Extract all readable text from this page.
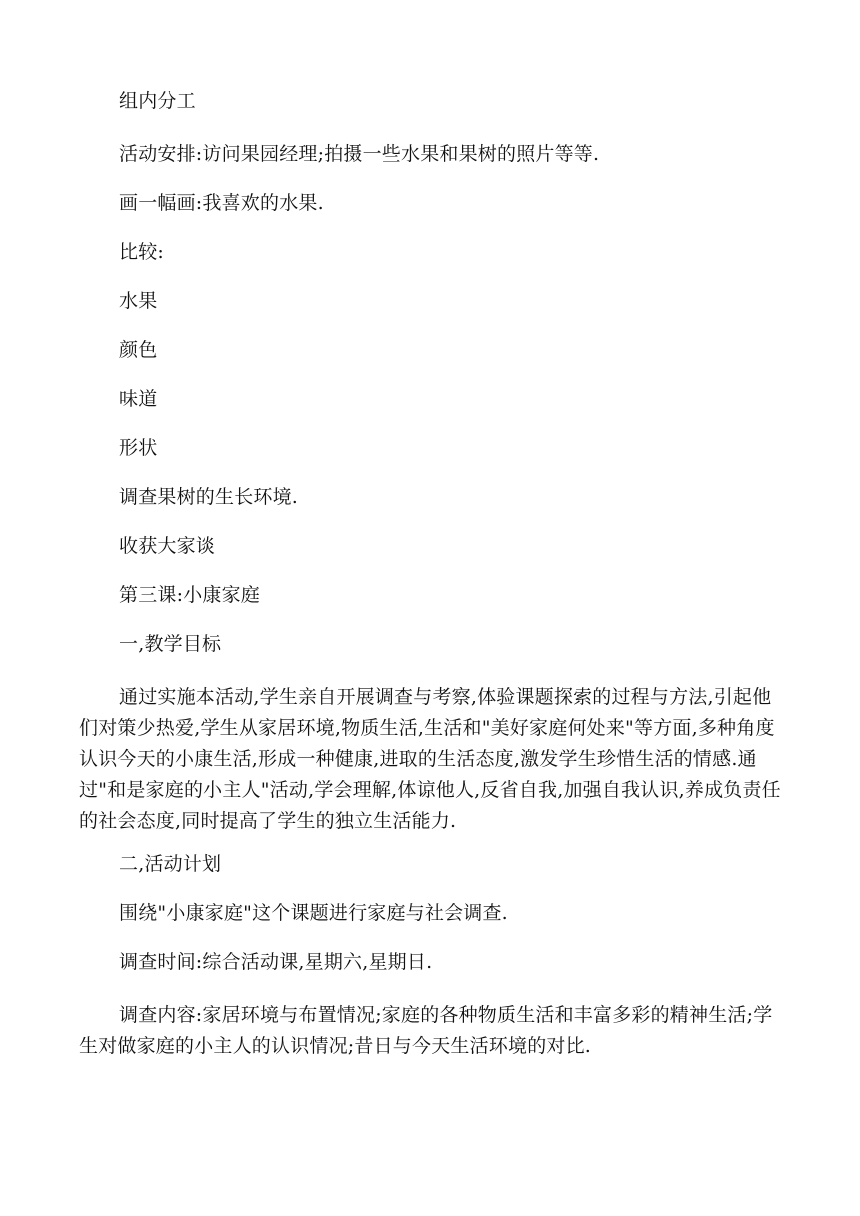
组内分工

活动安排:访问果园经理;拍摄一些水果和果树的照片等等.

画一幅画:我喜欢的水果.

比较:

水果

颜色

味道

形状

调查果树的生长环境.

收获大家谈

第三课:小康家庭

一,教学目标

通过实施本活动,学生亲自开展调查与考察,体验课题探索的过程与方法,引起他们对策少热爱,学生从家居环境,物质生活,生活和"美好家庭何处来"等方面,多种角度认识今天的小康生活,形成一种健康,进取的生活态度,激发学生珍惜生活的情感.通过"和是家庭的小主人"活动,学会理解,体谅他人,反省自我,加强自我认识,养成负责任的社会态度,同时提高了学生的独立生活能力.

二,活动计划

围绕"小康家庭"这个课题进行家庭与社会调查.

调查时间:综合活动课,星期六,星期日.

调查内容:家居环境与布置情况;家庭的各种物质生活和丰富多彩的精神生活;学生对做家庭的小主人的认识情况;昔日与今天生活环境的对比.
